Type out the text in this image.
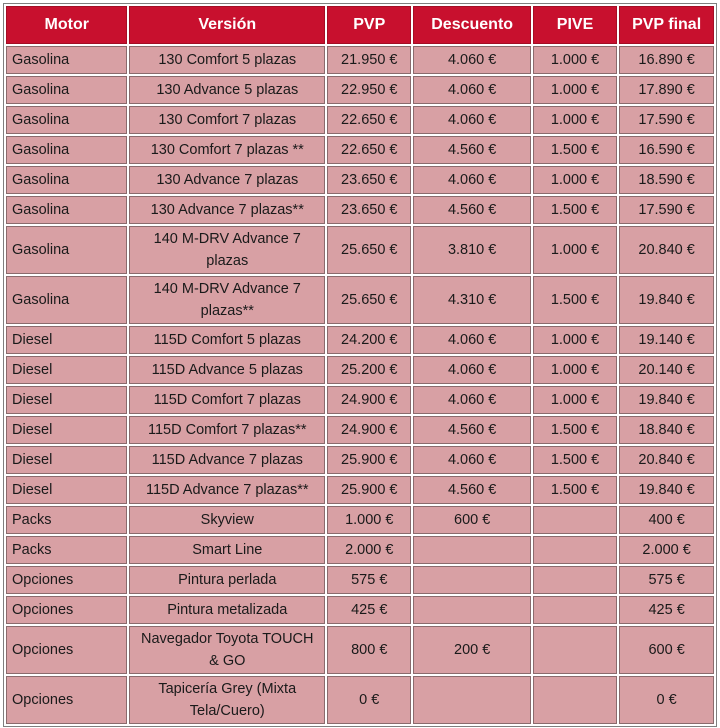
Motor	Versión	PVP	Descuento	PIVE	PVP final
Gasolina	130 Comfort 5 plazas	21.950 €	4.060 €	1.000 €	16.890 €
Gasolina	130 Advance 5 plazas	22.950 €	4.060 €	1.000 €	17.890 €
Gasolina	130 Comfort 7 plazas	22.650 €	4.060 €	1.000 €	17.590 €
Gasolina	130 Comfort 7 plazas **	22.650 €	4.560 €	1.500 €	16.590 €
Gasolina	130 Advance 7 plazas	23.650 €	4.060 €	1.000 €	18.590 €
Gasolina	130 Advance 7 plazas**	23.650 €	4.560 €	1.500 €	17.590 €
Gasolina	140 M-DRV Advance 7 plazas	25.650 €	3.810 €	1.000 €	20.840 €
Gasolina	140 M-DRV Advance 7 plazas**	25.650 €	4.310 €	1.500 €	19.840 €
Diesel	115D Comfort 5 plazas	24.200 €	4.060 €	1.000 €	19.140 €
Diesel	115D Advance 5 plazas	25.200 €	4.060 €	1.000 €	20.140 €
Diesel	115D Comfort 7 plazas	24.900 €	4.060 €	1.000 €	19.840 €
Diesel	115D Comfort 7 plazas**	24.900 €	4.560 €	1.500 €	18.840 €
Diesel	115D Advance 7 plazas	25.900 €	4.060 €	1.500 €	20.840 €
Diesel	115D Advance 7 plazas**	25.900 €	4.560 €	1.500 €	19.840 €
Packs	Skyview	1.000 €	600 €		400 €
Packs	Smart Line	2.000 €			2.000 €
Opciones	Pintura perlada	575 €			575 €
Opciones	Pintura metalizada	425 €			425 €
Opciones	Navegador Toyota TOUCH & GO	800 €	200 €		600 €
Opciones	Tapicería Grey (Mixta Tela/Cuero)	0 €			0 €
